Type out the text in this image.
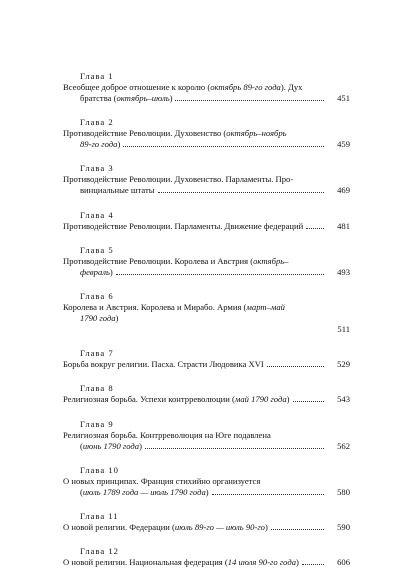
Глава 1
Всеобщее доброе отношение к королю (октябрь 89-го года). Дух
братства (октябрь–июль)	451
Глава 2
Противодействие Революции. Духовенство (октябрь–ноябрь
89-го года)	459
Глава 3
Противодействие Революции. Духовенство. Парламенты. Про-
винциальные штаты	469
Глава 4
Противодействие Революции. Парламенты. Движение федераций	481
Глава 5
Противодействие Революции. Королева и Австрия (октябрь–
февраль)	493
Глава 6
Королева и Австрия. Королева и Мирабо. Армия (март–май
1790 года)
511
Глава 7
Борьба вокруг религии. Пасха. Страсти Людовика XVI	529
Глава 8
Религиозная борьба. Успехи контрреволюции (май 1790 года)	543
Глава 9
Религиозная борьба. Контрреволюция на Юге подавлена
(июнь 1790 года)	562
Глава 10
О новых принципах. Франция стихийно организуется
(июль 1789 года — июль 1790 года)	580
Глава 11
О новой религии. Федерации (июль 89-го — июль 90-го)	590
Глава 12
О новой религии. Национальная федерация (14 июля 90-го года)	606
